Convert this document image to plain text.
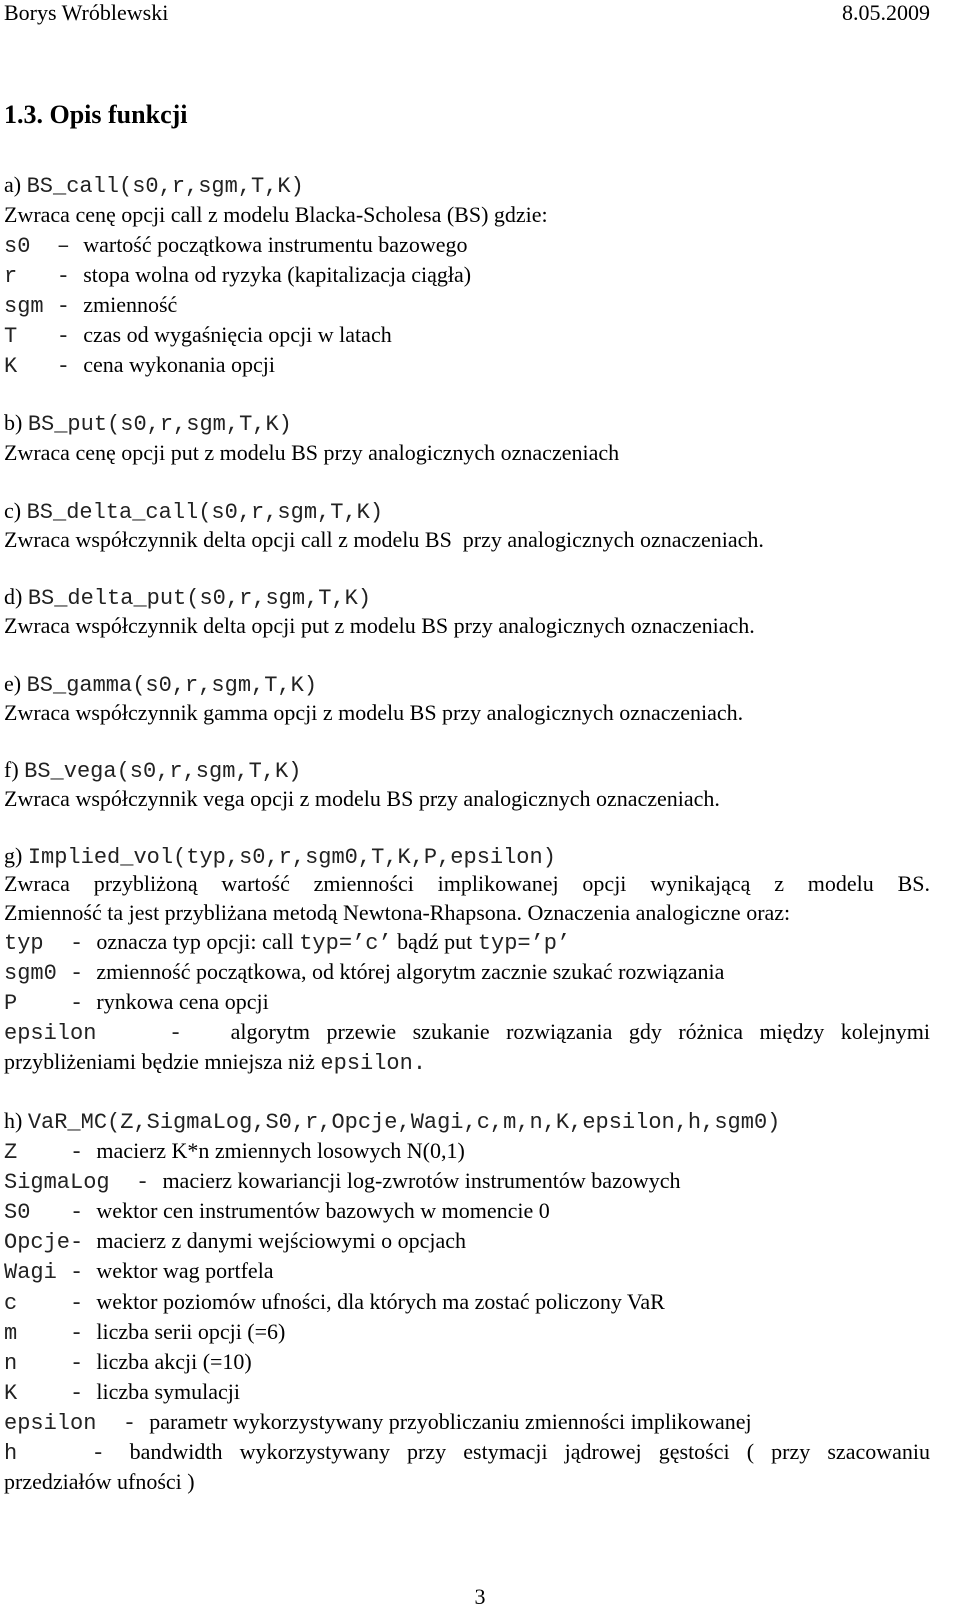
Borys Wróblewski	8.05.2009
1.3. Opis funkcji
a) BS_call(s0,r,sgm,T,K)
Zwraca cenę opcji call z modelu Blacka-Scholesa (BS) gdzie:
s0  – wartość początkowa instrumentu bazowego
r   - stopa wolna od ryzyka (kapitalizacja ciągła)
sgm - zmienność
T   - czas od wygaśnięcia opcji w latach
K   - cena wykonania opcji
b) BS_put(s0,r,sgm,T,K)
Zwraca cenę opcji put z modelu BS przy analogicznych oznaczeniach
c) BS_delta_call(s0,r,sgm,T,K)
Zwraca współczynnik delta opcji call z modelu BS  przy analogicznych oznaczeniach.
d) BS_delta_put(s0,r,sgm,T,K)
Zwraca współczynnik delta opcji put z modelu BS przy analogicznych oznaczeniach.
e) BS_gamma(s0,r,sgm,T,K)
Zwraca współczynnik gamma opcji z modelu BS przy analogicznych oznaczeniach.
f) BS_vega(s0,r,sgm,T,K)
Zwraca współczynnik vega opcji z modelu BS przy analogicznych oznaczeniach.
g) Implied_vol(typ,s0,r,sgm0,T,K,P,epsilon)
Zwraca przybliżoną wartość zmienności implikowanej opcji wynikającą z modelu BS.
Zmienność ta jest przybliżana metodą Newtona-Rhapsona. Oznaczenia analogiczne oraz:
typ  - oznacza typ opcji: call typ=’c’ bądź put typ=’p’
sgm0 - zmienność początkowa, od której algorytm zacznie szukać rozwiązania
P    - rynkowa cena opcji
epsilon   -  algorytm przewie szukanie rozwiązania gdy różnica między kolejnymi
przybliżeniami będzie mniejsza niż epsilon.
h) VaR_MC(Z,SigmaLog,S0,r,Opcje,Wagi,c,m,n,K,epsilon,h,sgm0)
Z    - macierz K*n zmiennych losowych N(0,1)
SigmaLog  - macierz kowariancji log-zwrotów instrumentów bazowych
S0   - wektor cen instrumentów bazowych w momencie 0
Opcje- macierz z danymi wejściowymi o opcjach
Wagi - wektor wag portfela
c    - wektor poziomów ufności, dla których ma zostać policzony VaR
m    - liczba serii opcji (=6)
n    - liczba akcji (=10)
K    - liczba symulacji
epsilon  - parametr wykorzystywany przyobliczaniu zmienności implikowanej
h   - bandwidth wykorzystywany przy estymacji jądrowej gęstości ( przy szacowaniu
przedziałów ufności )
3
